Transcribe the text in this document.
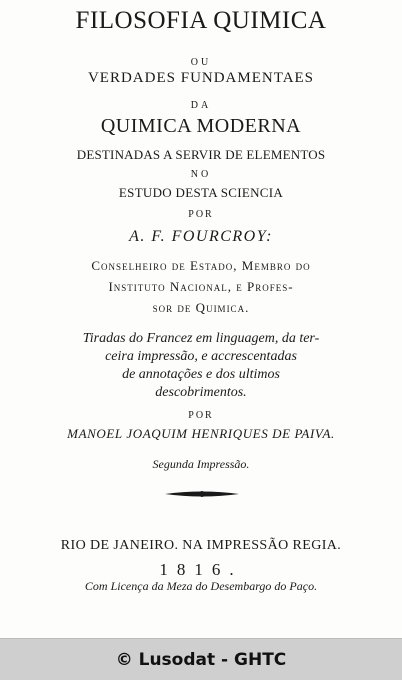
FILOSOFIA QUIMICA
OU
VERDADES FUNDAMENTAES
DA
QUIMICA MODERNA
DESTINADAS A SERVIR DE ELEMENTOS
NO
ESTUDO DESTA SCIENCIA
POR
A. F. FOURCROY:
Conselheiro de Estado, Membro do
Instituto Nacional, e Profes-
sor de Quimica.
Tiradas do Francez em linguagem, da ter-
ceira impressão, e accrescentadas
de annotações e dos ultimos
descobrimentos.
POR
MANOEL JOAQUIM HENRIQUES DE PAIVA.
Segunda Impressão.
RIO DE JANEIRO. NA IMPRESSÃO REGIA.
1816.
Com Licença da Meza do Desembargo do Paço.
© Lusodat - GHTC
